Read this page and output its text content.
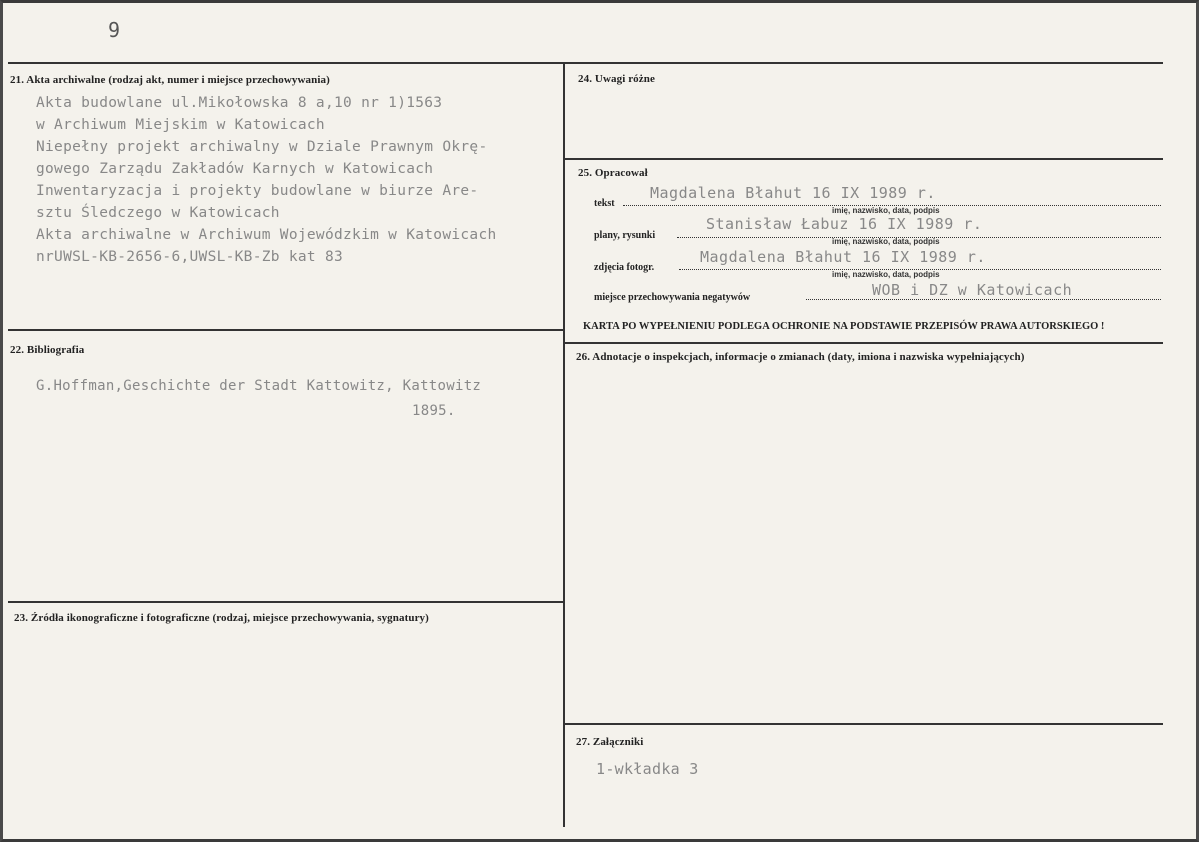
9
21. Akta archiwalne (rodzaj akt, numer i miejsce przechowywania)
Akta budowlane ul.Mikołowska 8 a,10 nr 1)1563
w Archiwum Miejskim w Katowicach
Niepełny projekt archiwalny w Dziale Prawnym Okrę-
gowego Zarządu Zakładów Karnych w Katowicach
Inwentaryzacja i projekty budowlane w biurze Are-
sztu Śledczego w Katowicach
Akta archiwalne w Archiwum Wojewódzkim w Katowicach
nrUWSL-KB-2656-6,UWSL-KB-Zb kat 83
22. Bibliografia
G.Hoffman,Geschichte der Stadt Kattowitz, Kattowitz
1895.
23. Źródła ikonograficzne i fotograficzne (rodzaj, miejsce przechowywania, sygnatury)
24. Uwagi różne
25. Opracował
tekst
Magdalena Błahut 16 IX 1989 r.
imię, nazwisko, data, podpis
plany, rysunki
Stanisław Łabuz 16 IX 1989 r.
imię, nazwisko, data, podpis
zdjęcia fotogr.
Magdalena Błahut 16 IX 1989 r.
imię, nazwisko, data, podpis
miejsce przechowywania negatywów	WOB i DZ w Katowicach
KARTA PO WYPEŁNIENIU PODLEGA OCHRONIE NA PODSTAWIE PRZEPISÓW PRAWA AUTORSKIEGO !
26. Adnotacje o inspekcjach, informacje o zmianach (daty, imiona i nazwiska wypełniających)
27. Załączniki
1-wkładka 3
